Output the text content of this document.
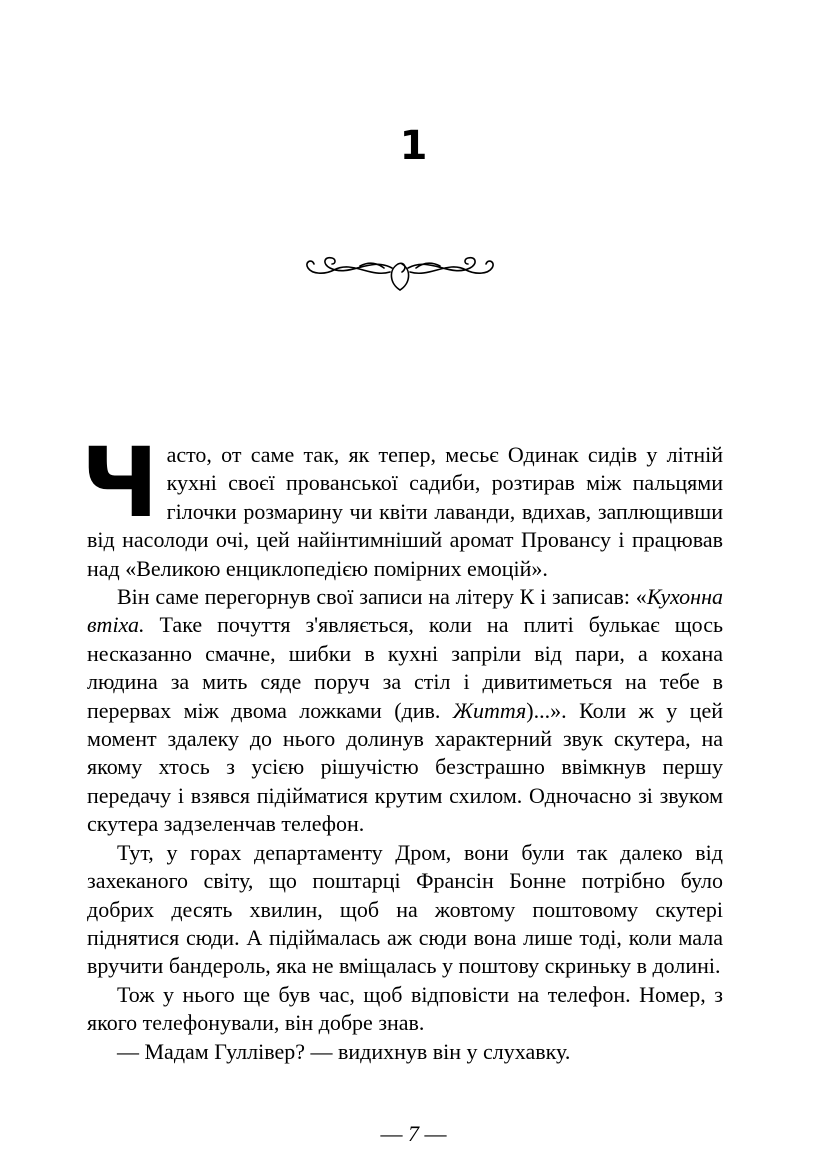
1

Часто, от саме так, як тепер, месьє Одинак сидів у літній кухні своєї прованської садиби, розтирав між пальцями гілочки розмарину чи квіти лаванди, вдихав, заплющивши від насолоди очі, цей найінтимніший аромат Провансу і працював над «Великою енциклопедією помірних емоцій».

Він саме перегорнув свої записи на літеру К і записав: «Кухонна втіха. Таке почуття з'являється, коли на плиті булькає щось несказанно смачне, шибки в кухні запріли від пари, а кохана людина за мить сяде поруч за стіл і дивитиметься на тебе в перервах між двома ложками (див. Життя)...». Коли ж у цей момент здалеку до нього долинув характерний звук скутера, на якому хтось з усією рішучістю безстрашно ввімкнув першу передачу і взявся підійматися крутим схилом. Одночасно зі звуком скутера задзеленчав телефон.

Тут, у горах департаменту Дром, вони були так далеко від захеканого світу, що поштарці Франсін Бонне потрібно було добрих десять хвилин, щоб на жовтому поштовому скутері піднятися сюди. А підіймалась аж сюди вона лише тоді, коли мала вручити бандероль, яка не вміщалась у поштову скриньку в долині.

Тож у нього ще був час, щоб відповісти на телефон. Номер, з якого телефонували, він добре знав.

— Мадам Гуллівер? — видихнув він у слухавку.

— 7 —
